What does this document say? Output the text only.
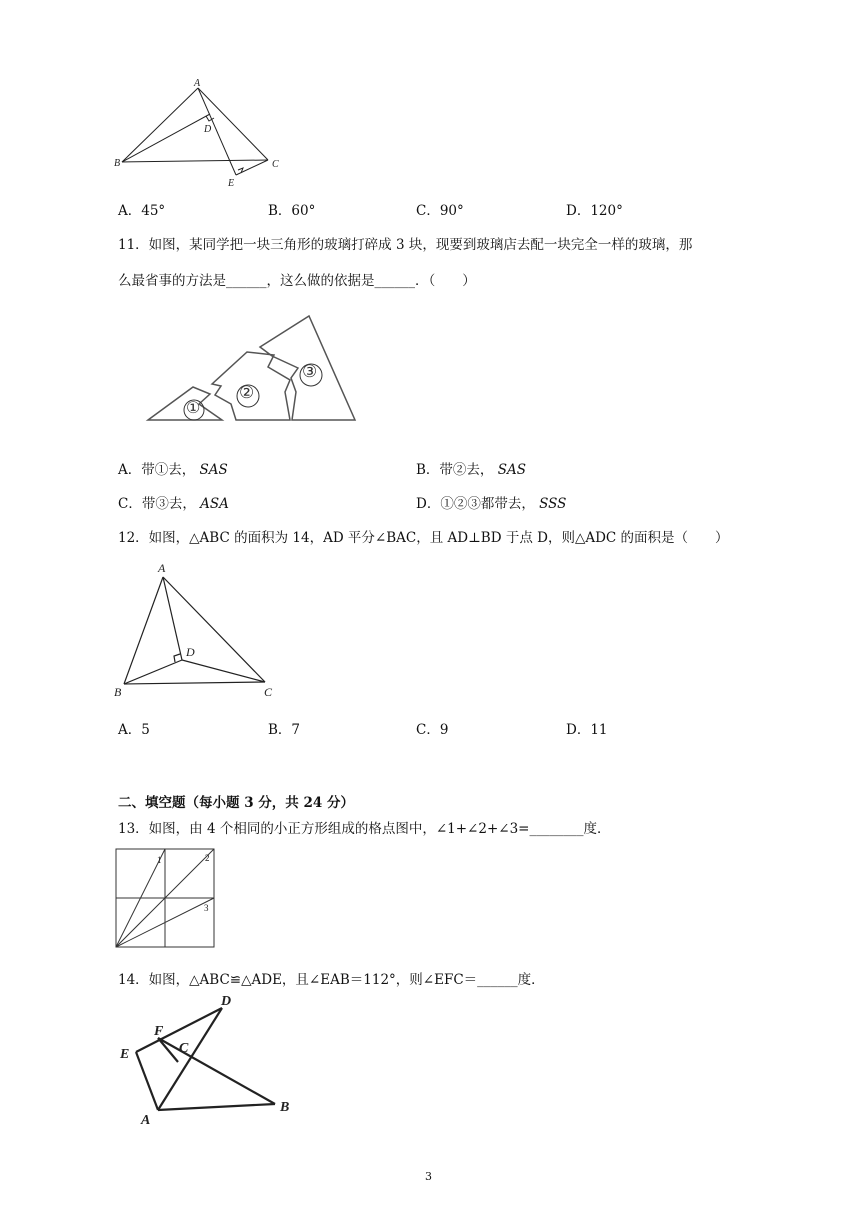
A
B	C
D
E
A．45°	B．60°	C．90°	D．120°
11．如图，某同学把一块三角形的玻璃打碎成 3 块，现要到玻璃店去配一块完全一样的玻璃，那
么最省事的方法是______，这么做的依据是______．（　　）
①
②
③
A．带①去， SAS	B．带②去， SAS
C．带③去， ASA	D．①②③都带去， SSS
12．如图，△ABC 的面积为 14，AD 平分∠BAC，且 AD⊥BD 于点 D，则△ADC 的面积是（　　）
A
B	C
D
A．5	B．7	C．9	D．11
二、填空题（每小题 3 分，共 24 分）
13．如图，由 4 个相同的小正方形组成的格点图中，∠1+∠2+∠3=________度．
1	2
3
14．如图，△ABC≌△ADE，且∠EAB＝112°，则∠EFC＝______度．
D
F
C
E
A
B
3
